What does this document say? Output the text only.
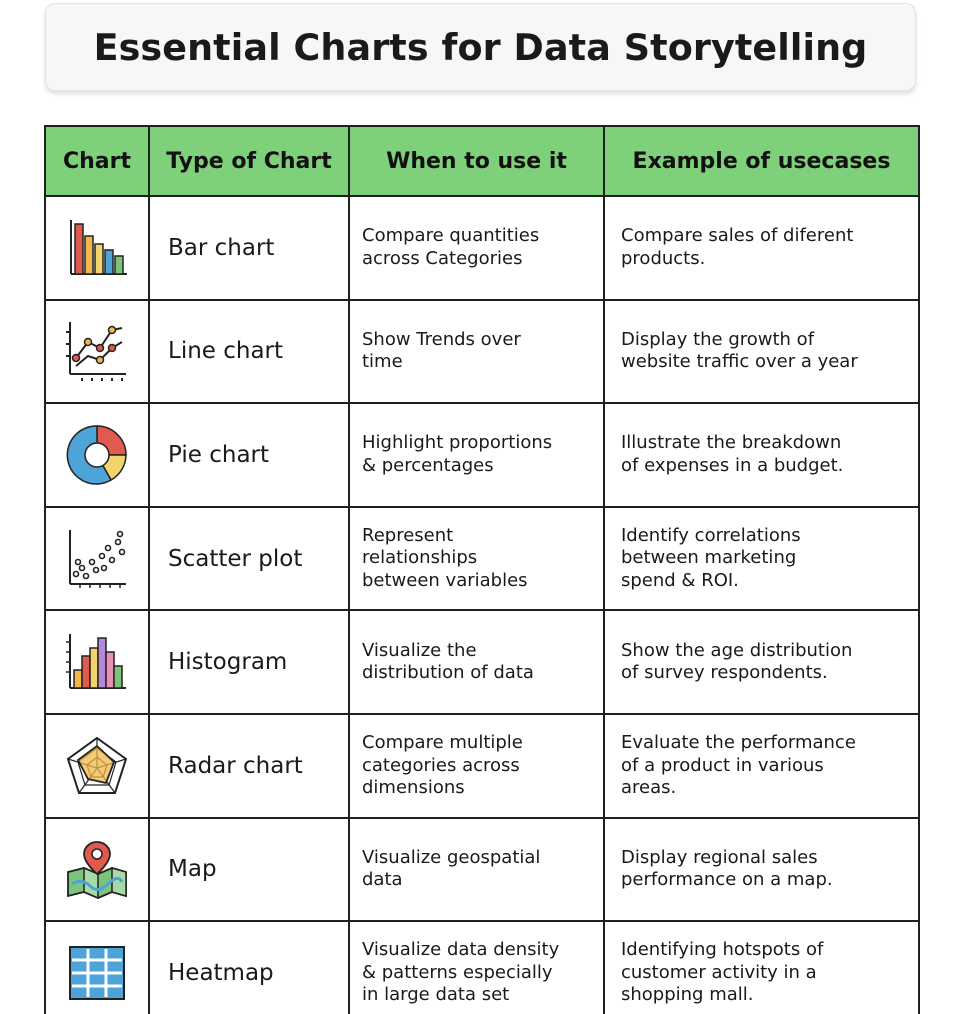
Essential Charts for Data Storytelling
Chart	Type of Chart	When to use it	Example of usecases

	Bar chart	Compare quantities
across Categories	Compare sales of diferent
products.

	Line chart	Show Trends over
time	Display the growth of
website traffic over a year

	Pie chart	Highlight proportions
& percentages	Illustrate the breakdown
of expenses in a budget.

	Scatter plot	Represent
relationships
between variables	Identify correlations
between marketing
spend & ROI.

	Histogram	Visualize the
distribution of data	Show the age distribution
of survey respondents.

	Radar chart	Compare multiple
categories across
dimensions	Evaluate the performance
of a product in various
areas.

	Map	Visualize geospatial
data	Display regional sales
performance on a map.

	Heatmap	Visualize data density
& patterns especially
in large data set	Identifying hotspots of
customer activity in a
shopping mall.
